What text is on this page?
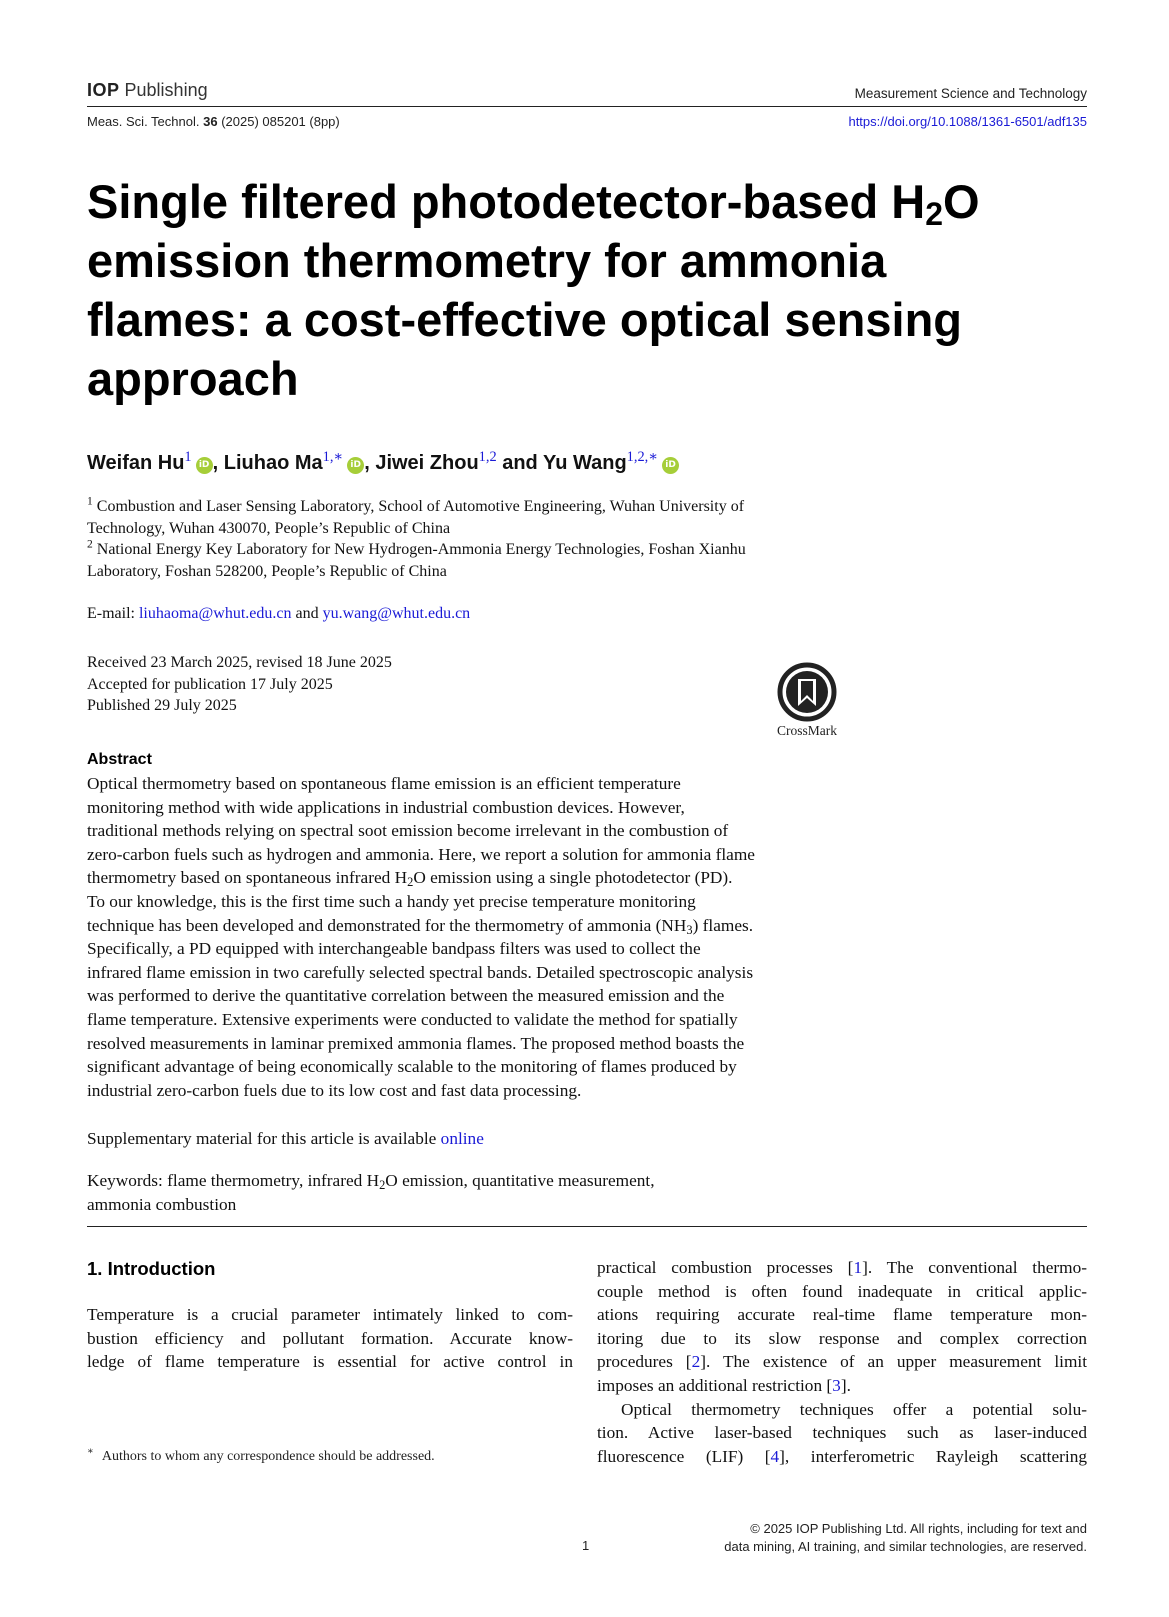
IOP Publishing	Measurement Science and Technology
Meas. Sci. Technol. 36 (2025) 085201 (8pp)	https://doi.org/10.1088/1361-6501/adf135
Single filtered photodetector-based $H_2O$
emission thermometry for ammonia
flames: a cost-effective optical sensing
approach
Weifan Hu$^1$ iD , Liuhao $Ma^{1,∗}$ iD , Jiwei Zhou$^{1,2}$ and Yu Wang$^{1,2,∗}$ iD
$^1$ Combustion and Laser Sensing Laboratory, School of Automotive Engineering, Wuhan University of
Technology, Wuhan 430070, People’s Republic of China
$^2$ National Energy Key Laboratory for New Hydrogen-Ammonia Energy Technologies, Foshan Xianhu
Laboratory, Foshan 528200, People’s Republic of China
E-mail: liuhaoma@whut.edu.cn and yu.wang@whut.edu.cn
Received 23 March 2025, revised 18 June 2025
Accepted for publication 17 July 2025
Published 29 July 2025
CrossMark
Abstract
Optical thermometry based on spontaneous flame emission is an efficient temperature
monitoring method with wide applications in industrial combustion devices. However,
traditional methods relying on spectral soot emission become irrelevant in the combustion of
zero-carbon fuels such as hydrogen and ammonia. Here, we report a solution for ammonia flame
thermometry based on spontaneous infrared $H_2O$ emission using a single photodetector (PD).
To our knowledge, this is the first time such a handy yet precise temperature monitoring
technique has been developed and demonstrated for the thermometry of ammonia $(NH_3)$ flames.
Specifically, a PD equipped with interchangeable bandpass filters was used to collect the
infrared flame emission in two carefully selected spectral bands. Detailed spectroscopic analysis
was performed to derive the quantitative correlation between the measured emission and the
flame temperature. Extensive experiments were conducted to validate the method for spatially
resolved measurements in laminar premixed ammonia flames. The proposed method boasts the
significant advantage of being economically scalable to the monitoring of flames produced by
industrial zero-carbon fuels due to its low cost and fast data processing.
Supplementary material for this article is available online
Keywords: flame thermometry, infrared $H_2O$ emission, quantitative measurement,
ammonia combustion
1. Introduction
Temperature is a crucial parameter intimately linked to com-
bustion efficiency and pollutant formation. Accurate know-
ledge of flame temperature is essential for active control in
∗ Authors to whom any correspondence should be addressed.
practical combustion processes [1]. The conventional thermo-
couple method is often found inadequate in critical applic-
ations requiring accurate real-time flame temperature mon-
itoring due to its slow response and complex correction
procedures [2]. The existence of an upper measurement limit
imposes an additional restriction [3].
Optical thermometry techniques offer a potential solu-
tion. Active laser-based techniques such as laser-induced
fluorescence (LIF) [4], interferometric Rayleigh scattering
1
© 2025 IOP Publishing Ltd. All rights, including for text and
data mining, AI training, and similar technologies, are reserved.
